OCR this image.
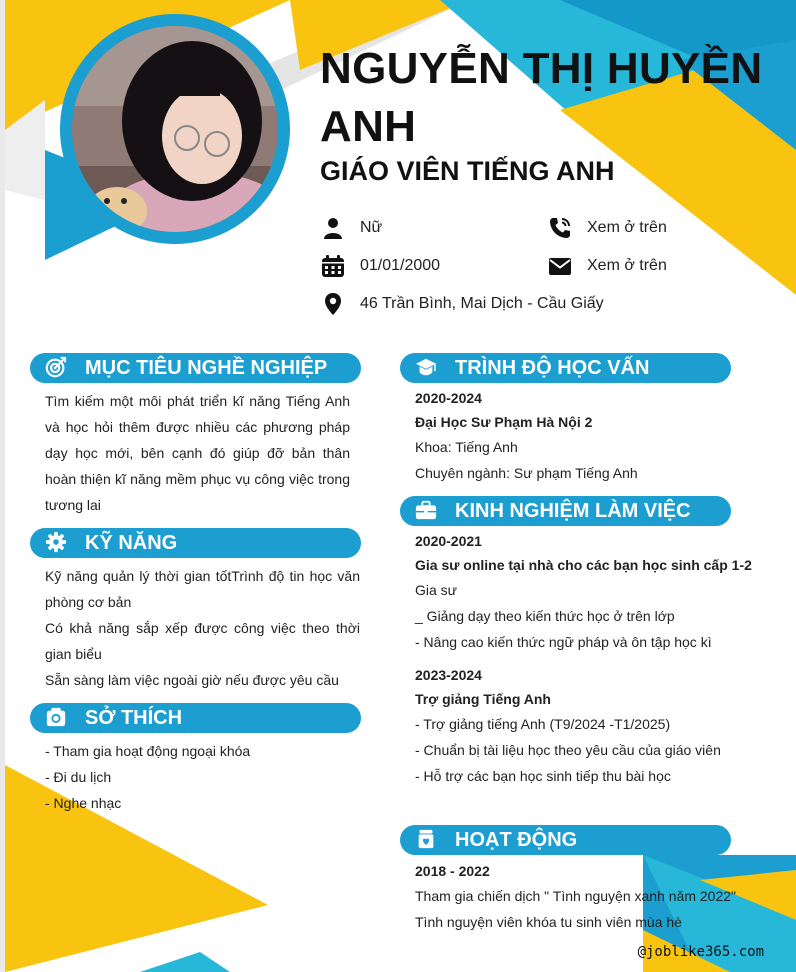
NGUYỄN THỊ HUYỀN
ANH
GIÁO VIÊN TIẾNG ANH
Nữ	Xem ở trên
01/01/2000	Xem ở trên
46 Trần Bình, Mai Dịch - Cầu Giấy
MỤC TIÊU NGHỀ NGHIỆP
Tìm kiếm một môi phát triển kĩ năng Tiếng Anh và học hỏi thêm được nhiều các phương pháp dạy học mới, bên cạnh đó giúp đỡ bản thân hoàn thiện kĩ năng mềm phục vụ công việc trong tương lai
KỸ NĂNG
Kỹ năng quản lý thời gian tốtTrình độ tin học văn phòng cơ bản
Có khả năng sắp xếp được công việc theo thời gian biểu
Sẵn sàng làm việc ngoài giờ nếu được yêu cầu
SỞ THÍCH
- Tham gia hoạt động ngoại khóa
- Đi du lịch
- Nghe nhạc
TRÌNH ĐỘ HỌC VẤN
2020-2024
Đại Học Sư Phạm Hà Nội 2
Khoa: Tiếng Anh
Chuyên ngành: Sư phạm Tiếng Anh
KINH NGHIỆM LÀM VIỆC
2020-2021
Gia sư online tại nhà cho các bạn học sinh cấp 1-2
Gia sư
_ Giảng dạy theo kiến thức học ở trên lớp
- Nâng cao kiến thức ngữ pháp và ôn tập học kì
2023-2024
Trợ giảng Tiếng Anh
- Trợ giảng tiếng Anh (T9/2024 -T1/2025)
- Chuẩn bị tài liệu học theo yêu cầu của giáo viên
- Hỗ trợ các bạn học sinh tiếp thu bài học
HOẠT ĐỘNG
2018 - 2022
Tham gia chiến dịch " Tình nguyện xanh năm 2022"
Tình nguyện viên khóa tu sinh viên mùa hè
@joblike365.com
